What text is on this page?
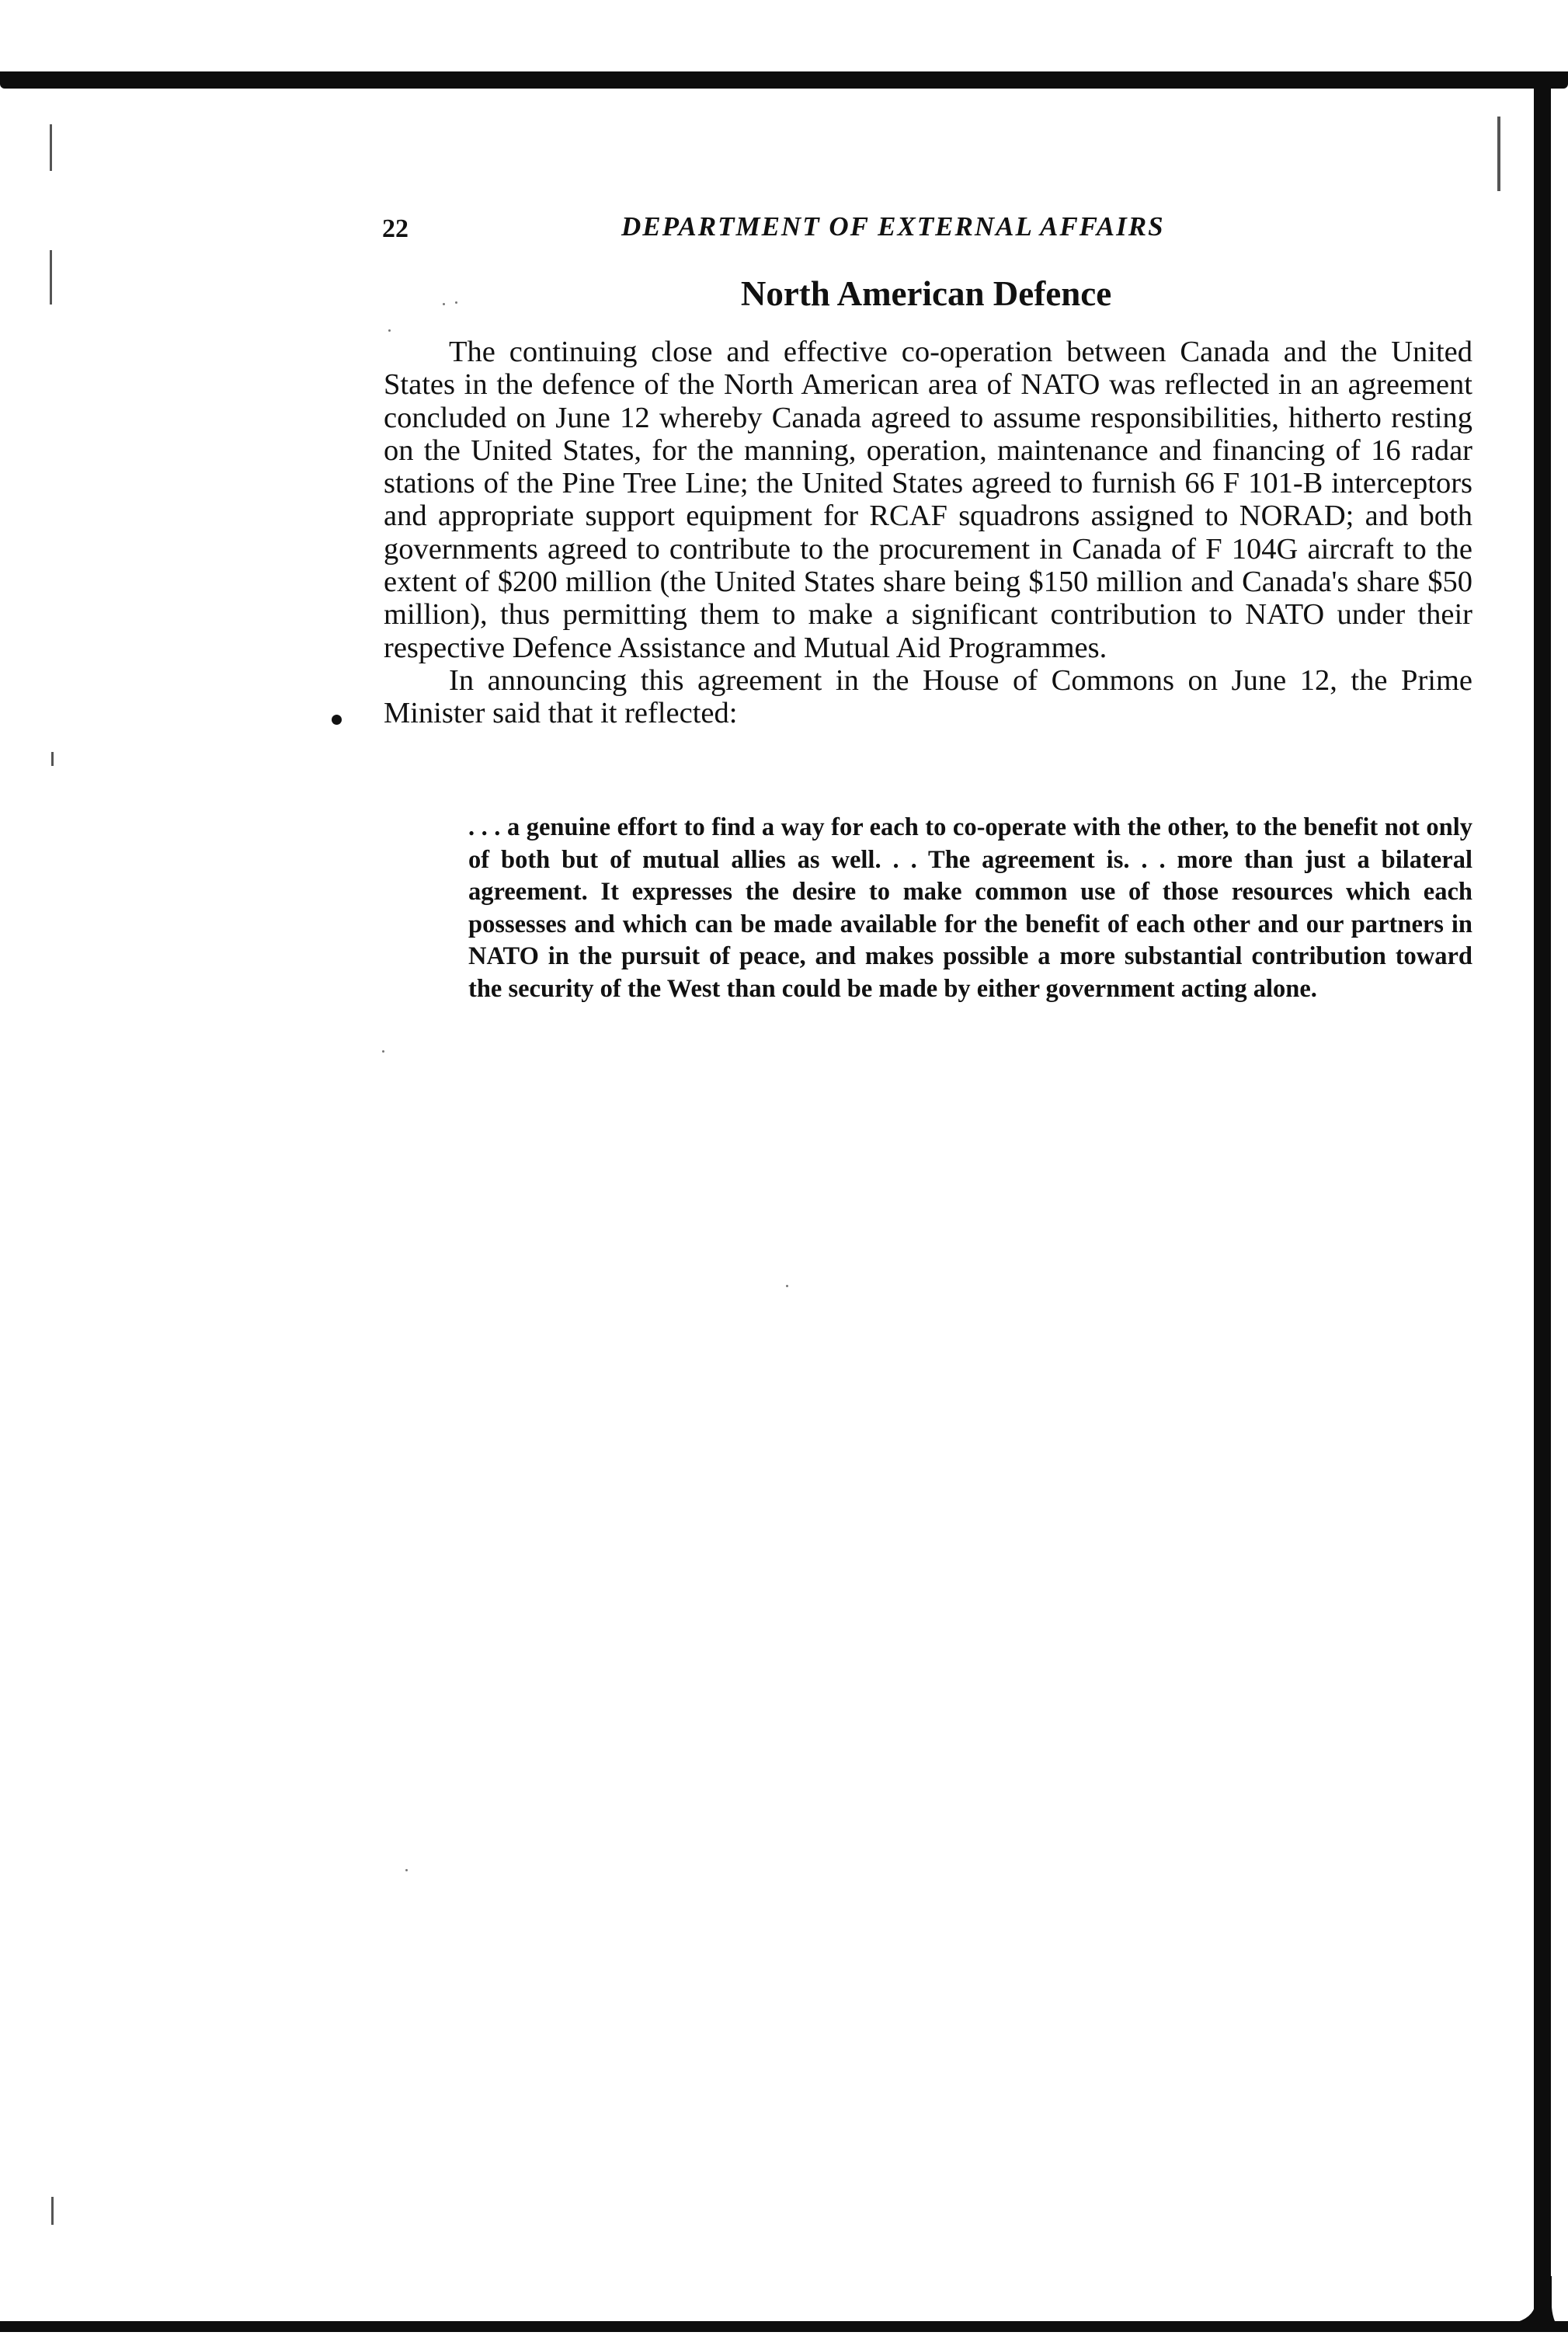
22	DEPARTMENT OF EXTERNAL AFFAIRS
North American Defence

The continuing close and effective co-operation between Canada and the United States in the defence of the North American area of NATO was reflected in an agreement concluded on June 12 whereby Canada agreed to assume responsibilities, hitherto resting on the United States, for the manning, operation, maintenance and financing of 16 radar stations of the Pine Tree Line; the United States agreed to furnish 66 F 101-B interceptors and appropriate support equipment for RCAF squadrons assigned to NORAD; and both governments agreed to contribute to the procurement in Canada of F 104G aircraft to the extent of $200 million (the United States share being $150 million and Canada's share $50 million), thus permitting them to make a significant contribution to NATO under their respective Defence Assistance and Mutual Aid Programmes.

In announcing this agreement in the House of Commons on June 12, the Prime Minister said that it reflected:

. . . a genuine effort to find a way for each to co-operate with the other, to the benefit not only of both but of mutual allies as well. . . The agreement is. . . more than just a bilateral agreement. It expresses the desire to make common use of those resources which each possesses and which can be made available for the benefit of each other and our partners in NATO in the pursuit of peace, and makes possible a more substantial contribution toward the security of the West than could be made by either government acting alone.
